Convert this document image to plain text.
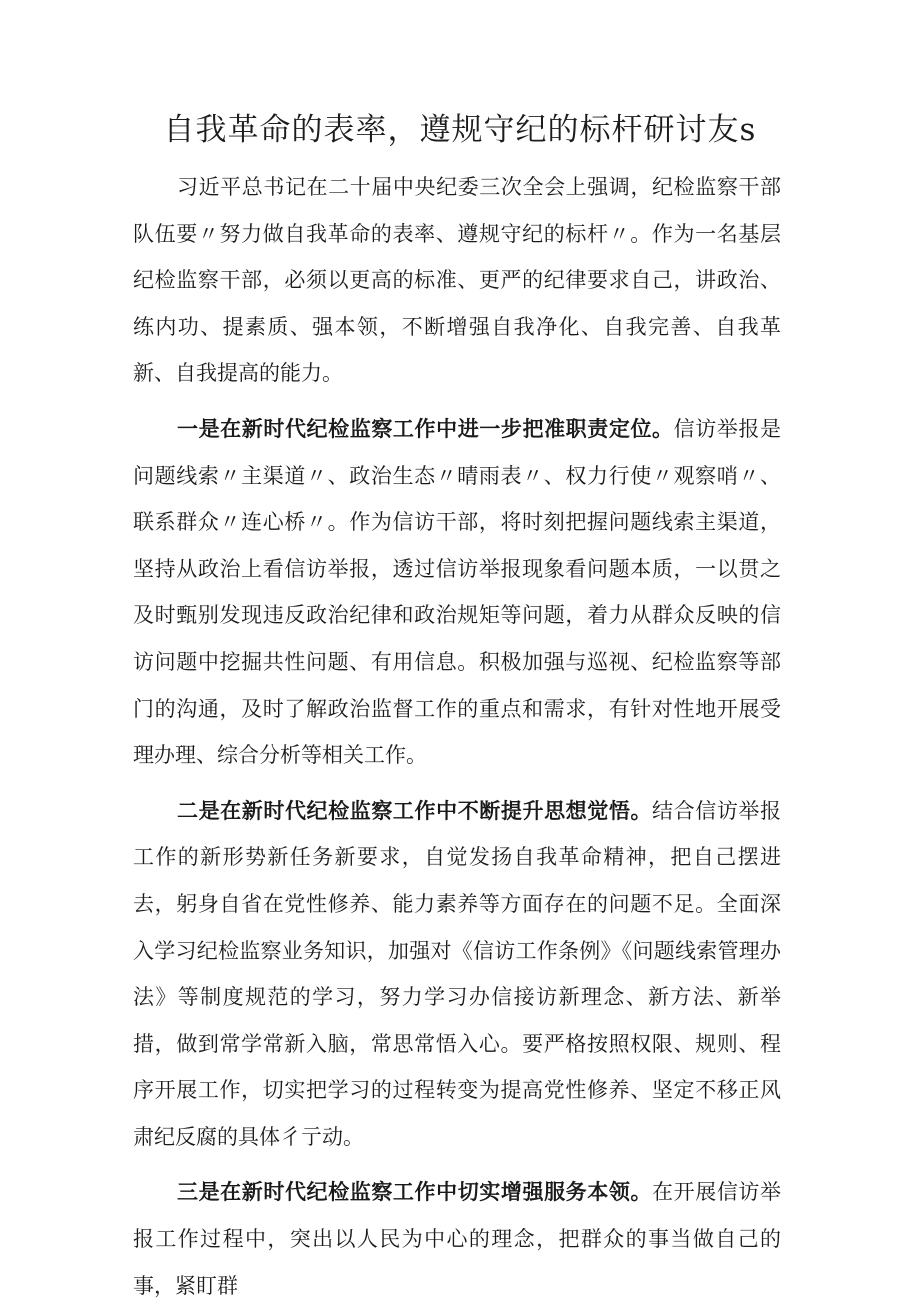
自我革命的表率，遵规守纪的标杆研讨友s

习近平总书记在二十届中央纪委三次全会上强调，纪检监察干部队伍要〃努力做自我革命的表率、遵规守纪的标杆〃。作为一名基层纪检监察干部，必须以更高的标准、更严的纪律要求自己，讲政治、练内功、提素质、强本领，不断增强自我净化、自我完善、自我革新、自我提高的能力。

一是在新时代纪检监察工作中进一步把准职责定位。信访举报是问题线索〃主渠道〃、政治生态〃晴雨表〃、权力行使〃观察哨〃、联系群众〃连心桥〃。作为信访干部，将时刻把握问题线索主渠道，坚持从政治上看信访举报，透过信访举报现象看问题本质，一以贯之及时甄别发现违反政治纪律和政治规矩等问题，着力从群众反映的信访问题中挖掘共性问题、有用信息。积极加强与巡视、纪检监察等部门的沟通，及时了解政治监督工作的重点和需求，有针对性地开展受理办理、综合分析等相关工作。

二是在新时代纪检监察工作中不断提升思想觉悟。结合信访举报工作的新形势新任务新要求，自觉发扬自我革命精神，把自己摆进去，躬身自省在党性修养、能力素养等方面存在的问题不足。全面深入学习纪检监察业务知识，加强对《信访工作条例》《问题线索管理办法》等制度规范的学习，努力学习办信接访新理念、新方法、新举措，做到常学常新入脑，常思常悟入心。要严格按照权限、规则、程序开展工作，切实把学习的过程转变为提高党性修养、坚定不移正风肃纪反腐的具体彳亍动。

三是在新时代纪检监察工作中切实增强服务本领。在开展信访举报工作过程中，突出以人民为中心的理念，把群众的事当做自己的事，紧盯群
